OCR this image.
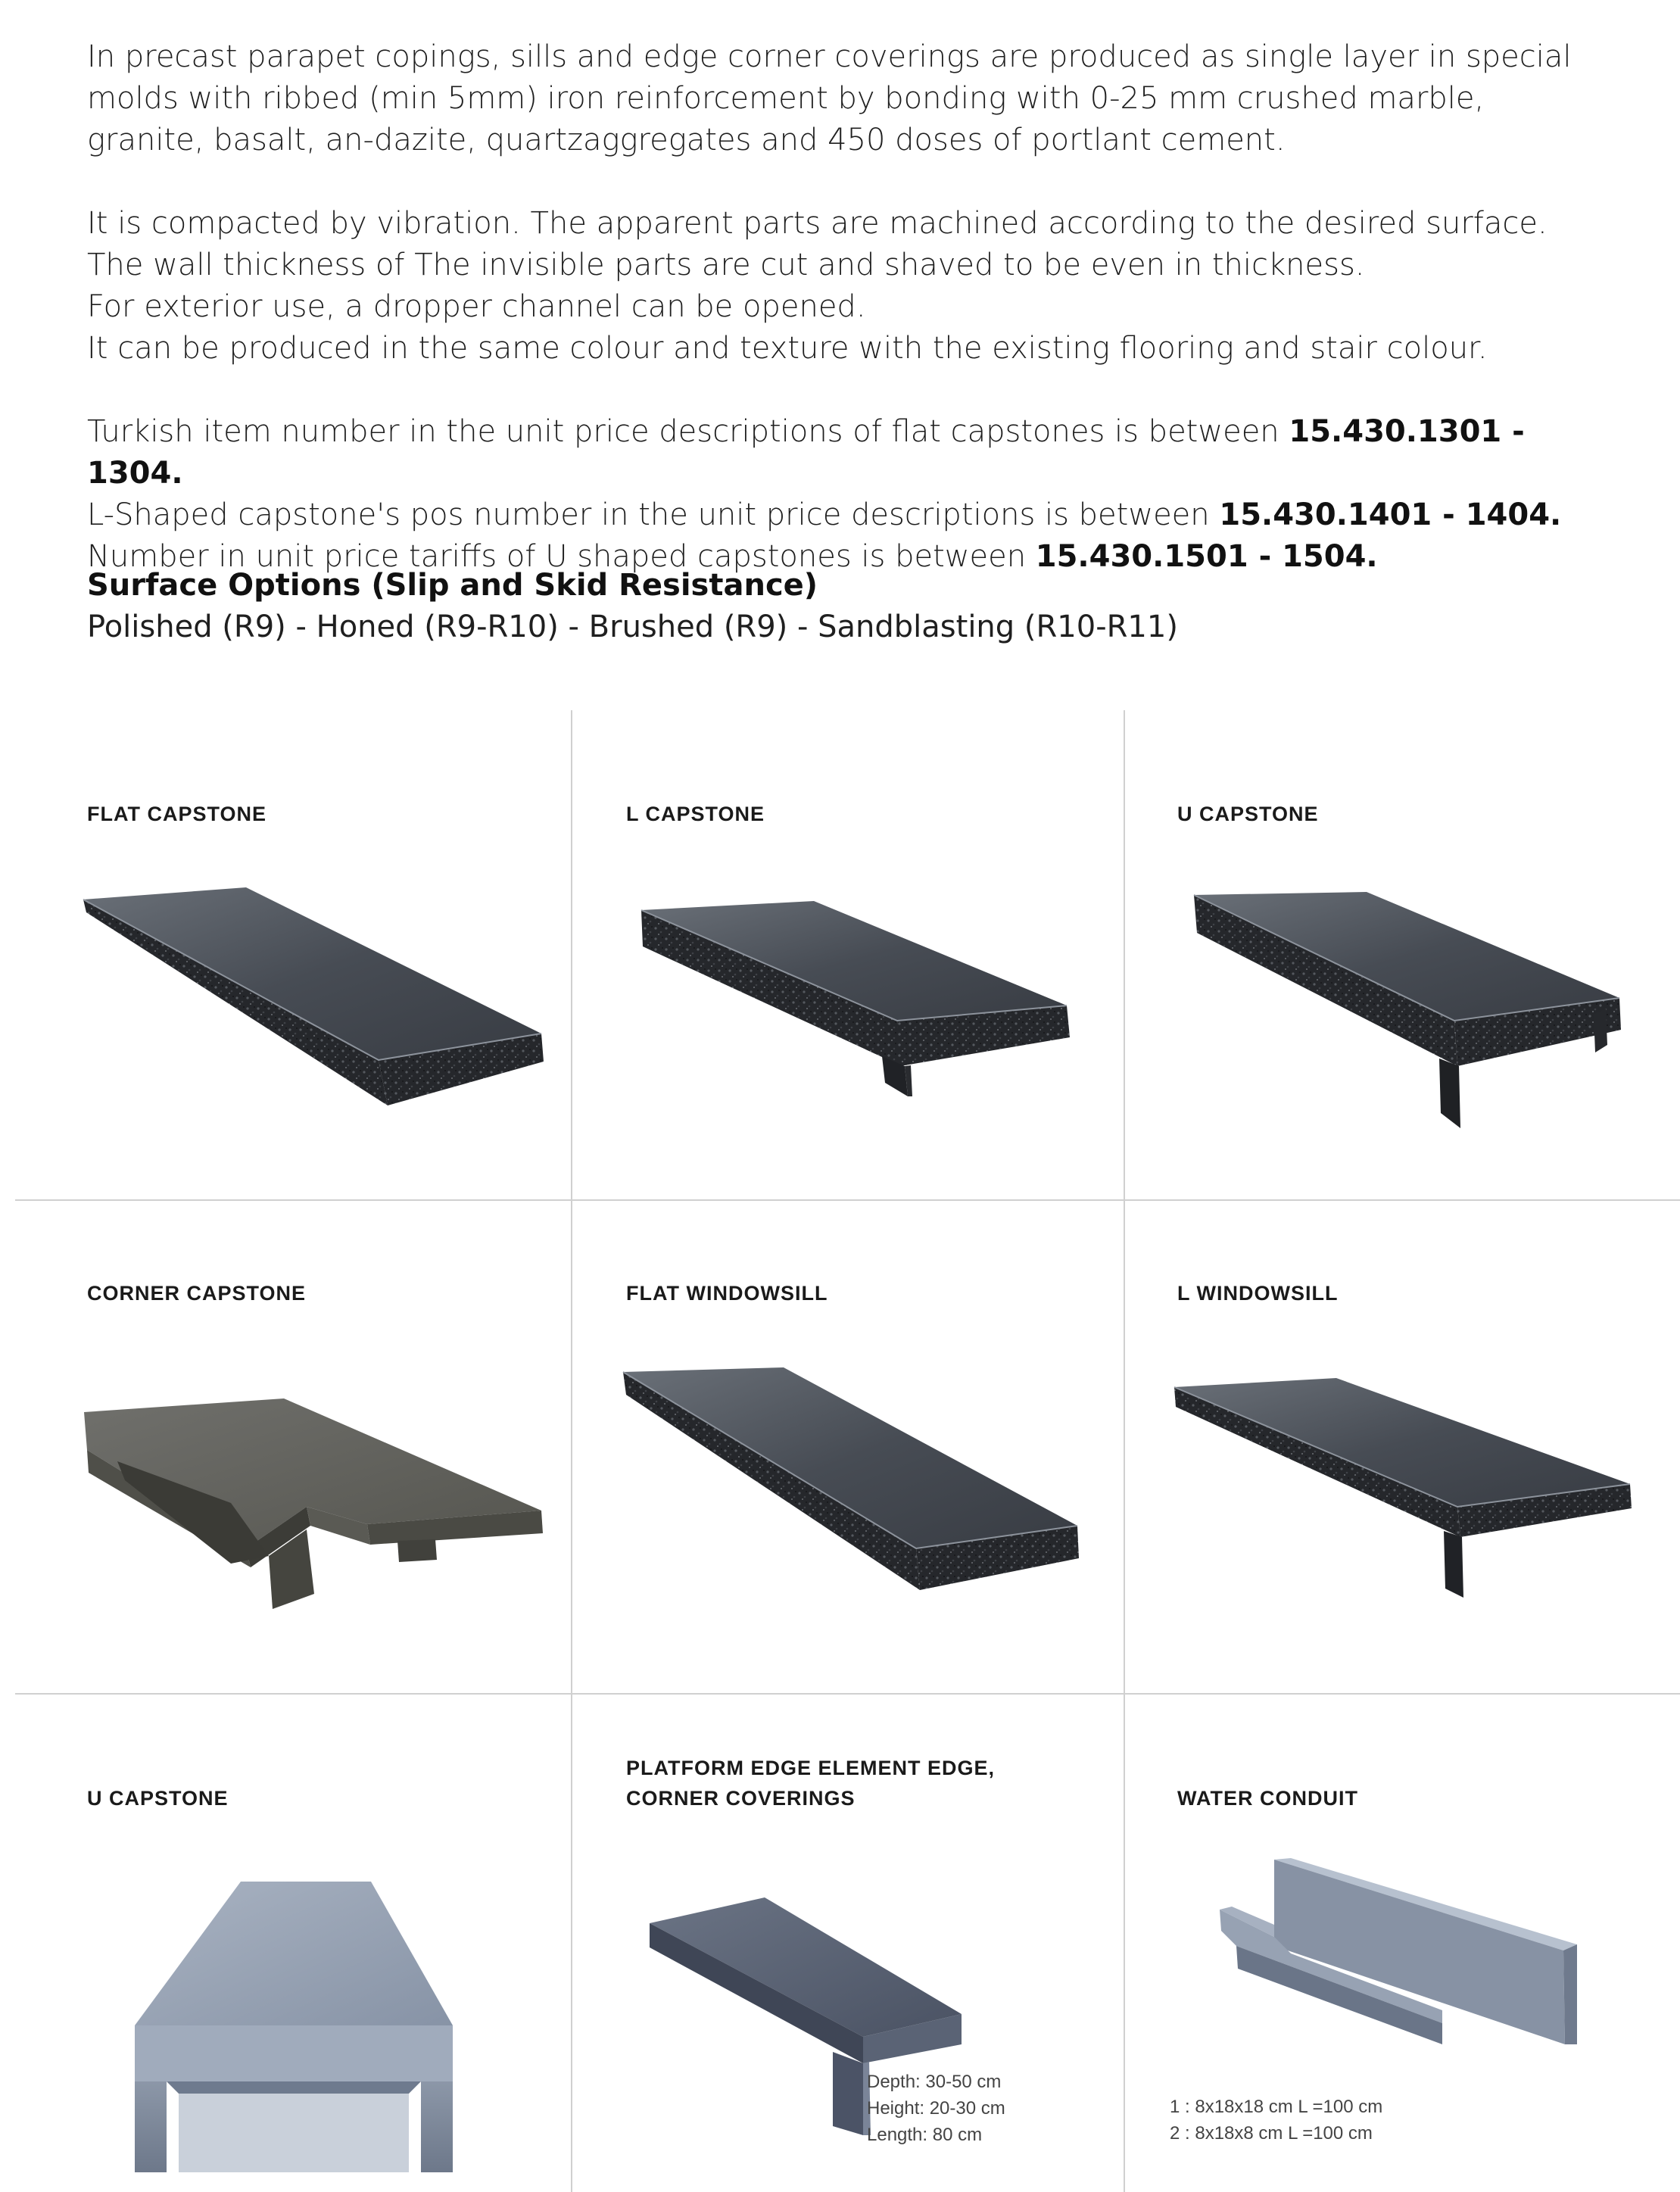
In precast parapet copings, sills and edge corner coverings are produced as single layer in special molds with ribbed (min 5mm) iron reinforcement by bonding with 0-25 mm crushed marble, granite, basalt, an-dazite, quartzaggregates and 450 doses of portlant cement.

It is compacted by vibration. The apparent parts are machined according to the desired surface. The wall thickness of The invisible parts are cut and shaved to be even in thickness.
For exterior use, a dropper channel can be opened.
It can be produced in the same colour and texture with the existing flooring and stair colour.

Turkish item number in the unit price descriptions of flat capstones is between 15.430.1301 - 1304.
L-Shaped capstone's pos number in the unit price descriptions is between 15.430.1401 - 1404.
Number in unit price tariffs of U shaped capstones is between 15.430.1501 - 1504.

Surface Options (Slip and Skid Resistance)
Polished (R9) - Honed (R9-R10) - Brushed (R9) - Sandblasting (R10-R11)
FLAT CAPSTONE	L CAPSTONE	U CAPSTONE
CORNER CAPSTONE	FLAT WINDOWSILL	L WINDOWSILL
U CAPSTONE
PLATFORM EDGE ELEMENT EDGE,
CORNER COVERINGS
Depth: 30-50 cm
Height: 20-30 cm
Length: 80 cm
WATER CONDUIT
1 : 8x18x18 cm L =100 cm
2 : 8x18x8 cm L =100 cm
